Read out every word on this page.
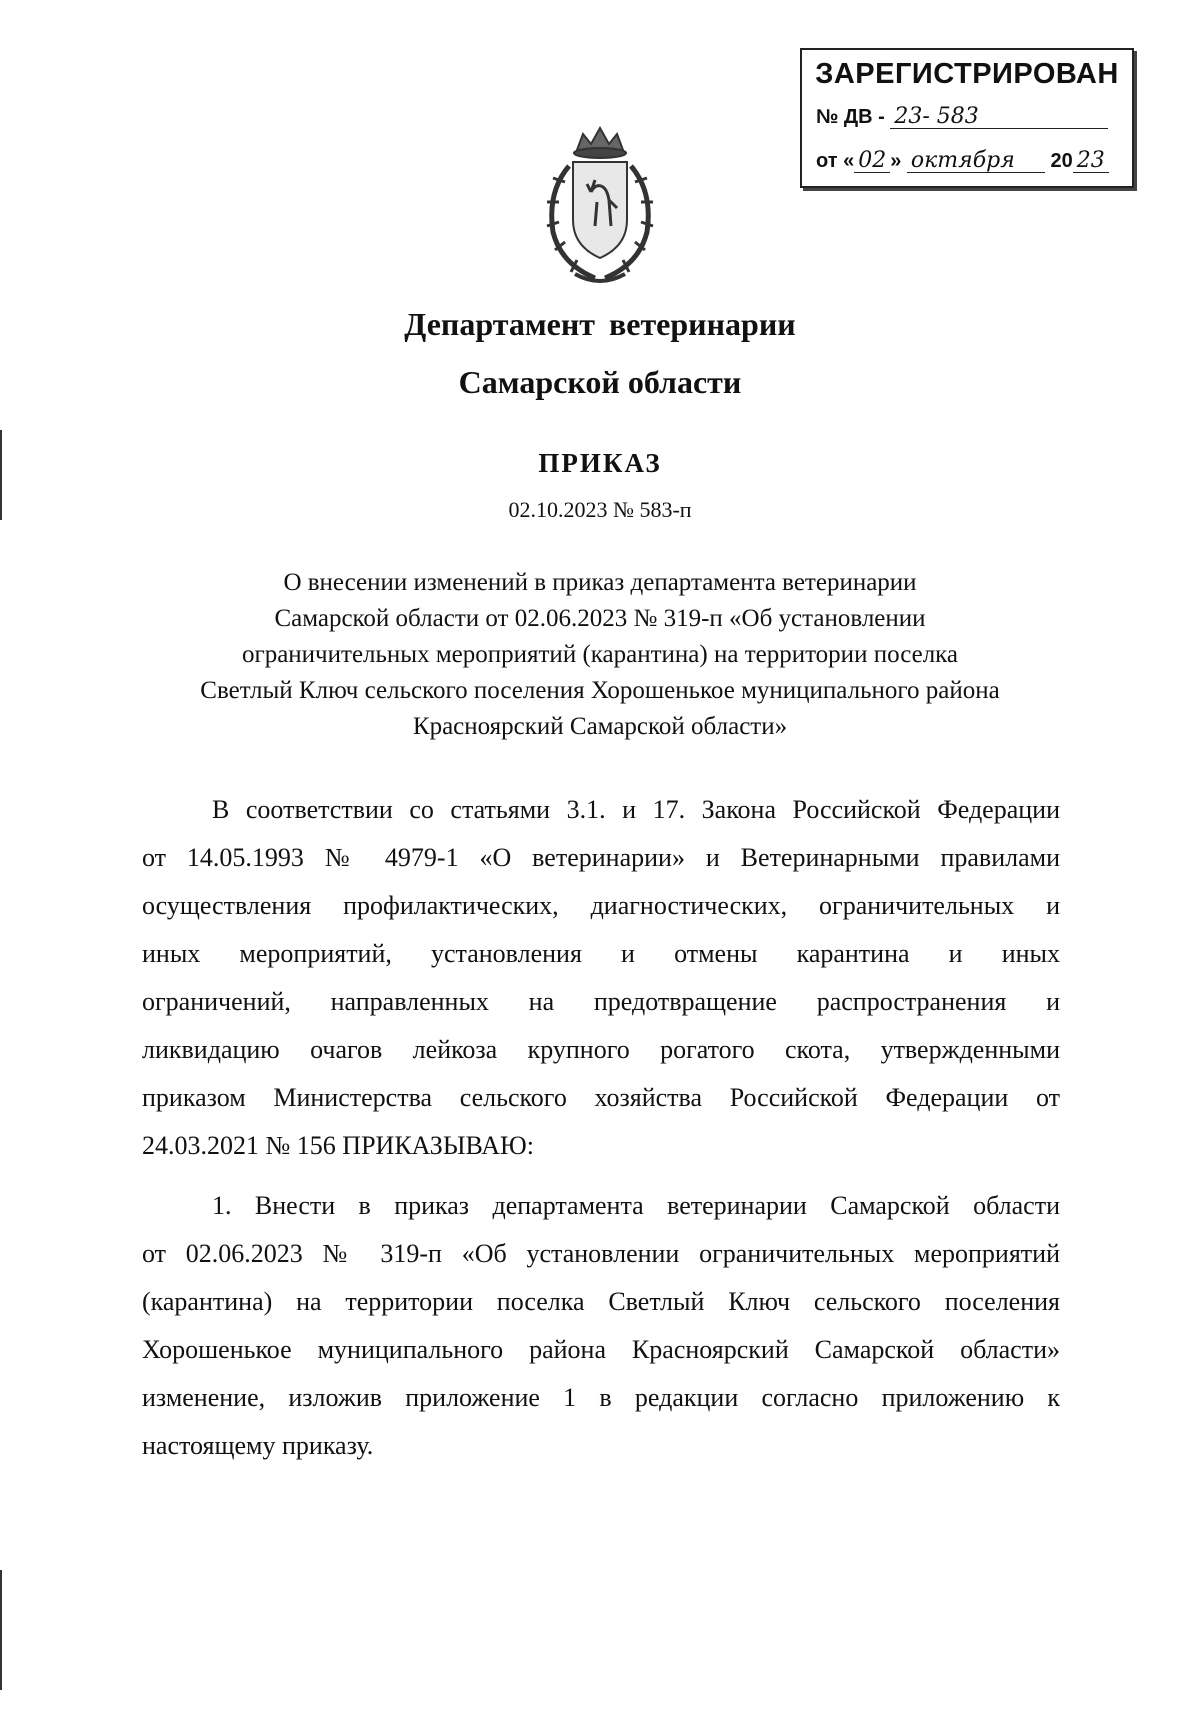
ЗАРЕГИСТРИРОВАН
№ ДВ - 23- 583
от « 02 » октября 20 23
Департамент ветеринарии
Самарской области
ПРИКАЗ
02.10.2023 № 583-п
О внесении изменений в приказ департамента ветеринарии
Самарской области от 02.06.2023 № 319-п «Об установлении
ограничительных мероприятий (карантина) на территории поселка
Светлый Ключ сельского поселения Хорошенькое муниципального района
Красноярский Самарской области»
В соответствии со статьями 3.1. и 17. Закона Российской Федерации
от 14.05.1993 № 4979-1 «О ветеринарии» и Ветеринарными правилами
осуществления профилактических, диагностических, ограничительных и
иных мероприятий, установления и отмены карантина и иных
ограничений, направленных на предотвращение распространения и
ликвидацию очагов лейкоза крупного рогатого скота, утвержденными
приказом Министерства сельского хозяйства Российской Федерации от
24.03.2021 № 156 ПРИКАЗЫВАЮ:
1. Внести в приказ департамента ветеринарии Самарской области
от 02.06.2023 № 319-п «Об установлении ограничительных мероприятий
(карантина) на территории поселка Светлый Ключ сельского поселения
Хорошенькое муниципального района Красноярский Самарской области»
изменение, изложив приложение 1 в редакции согласно приложению к
настоящему приказу.
